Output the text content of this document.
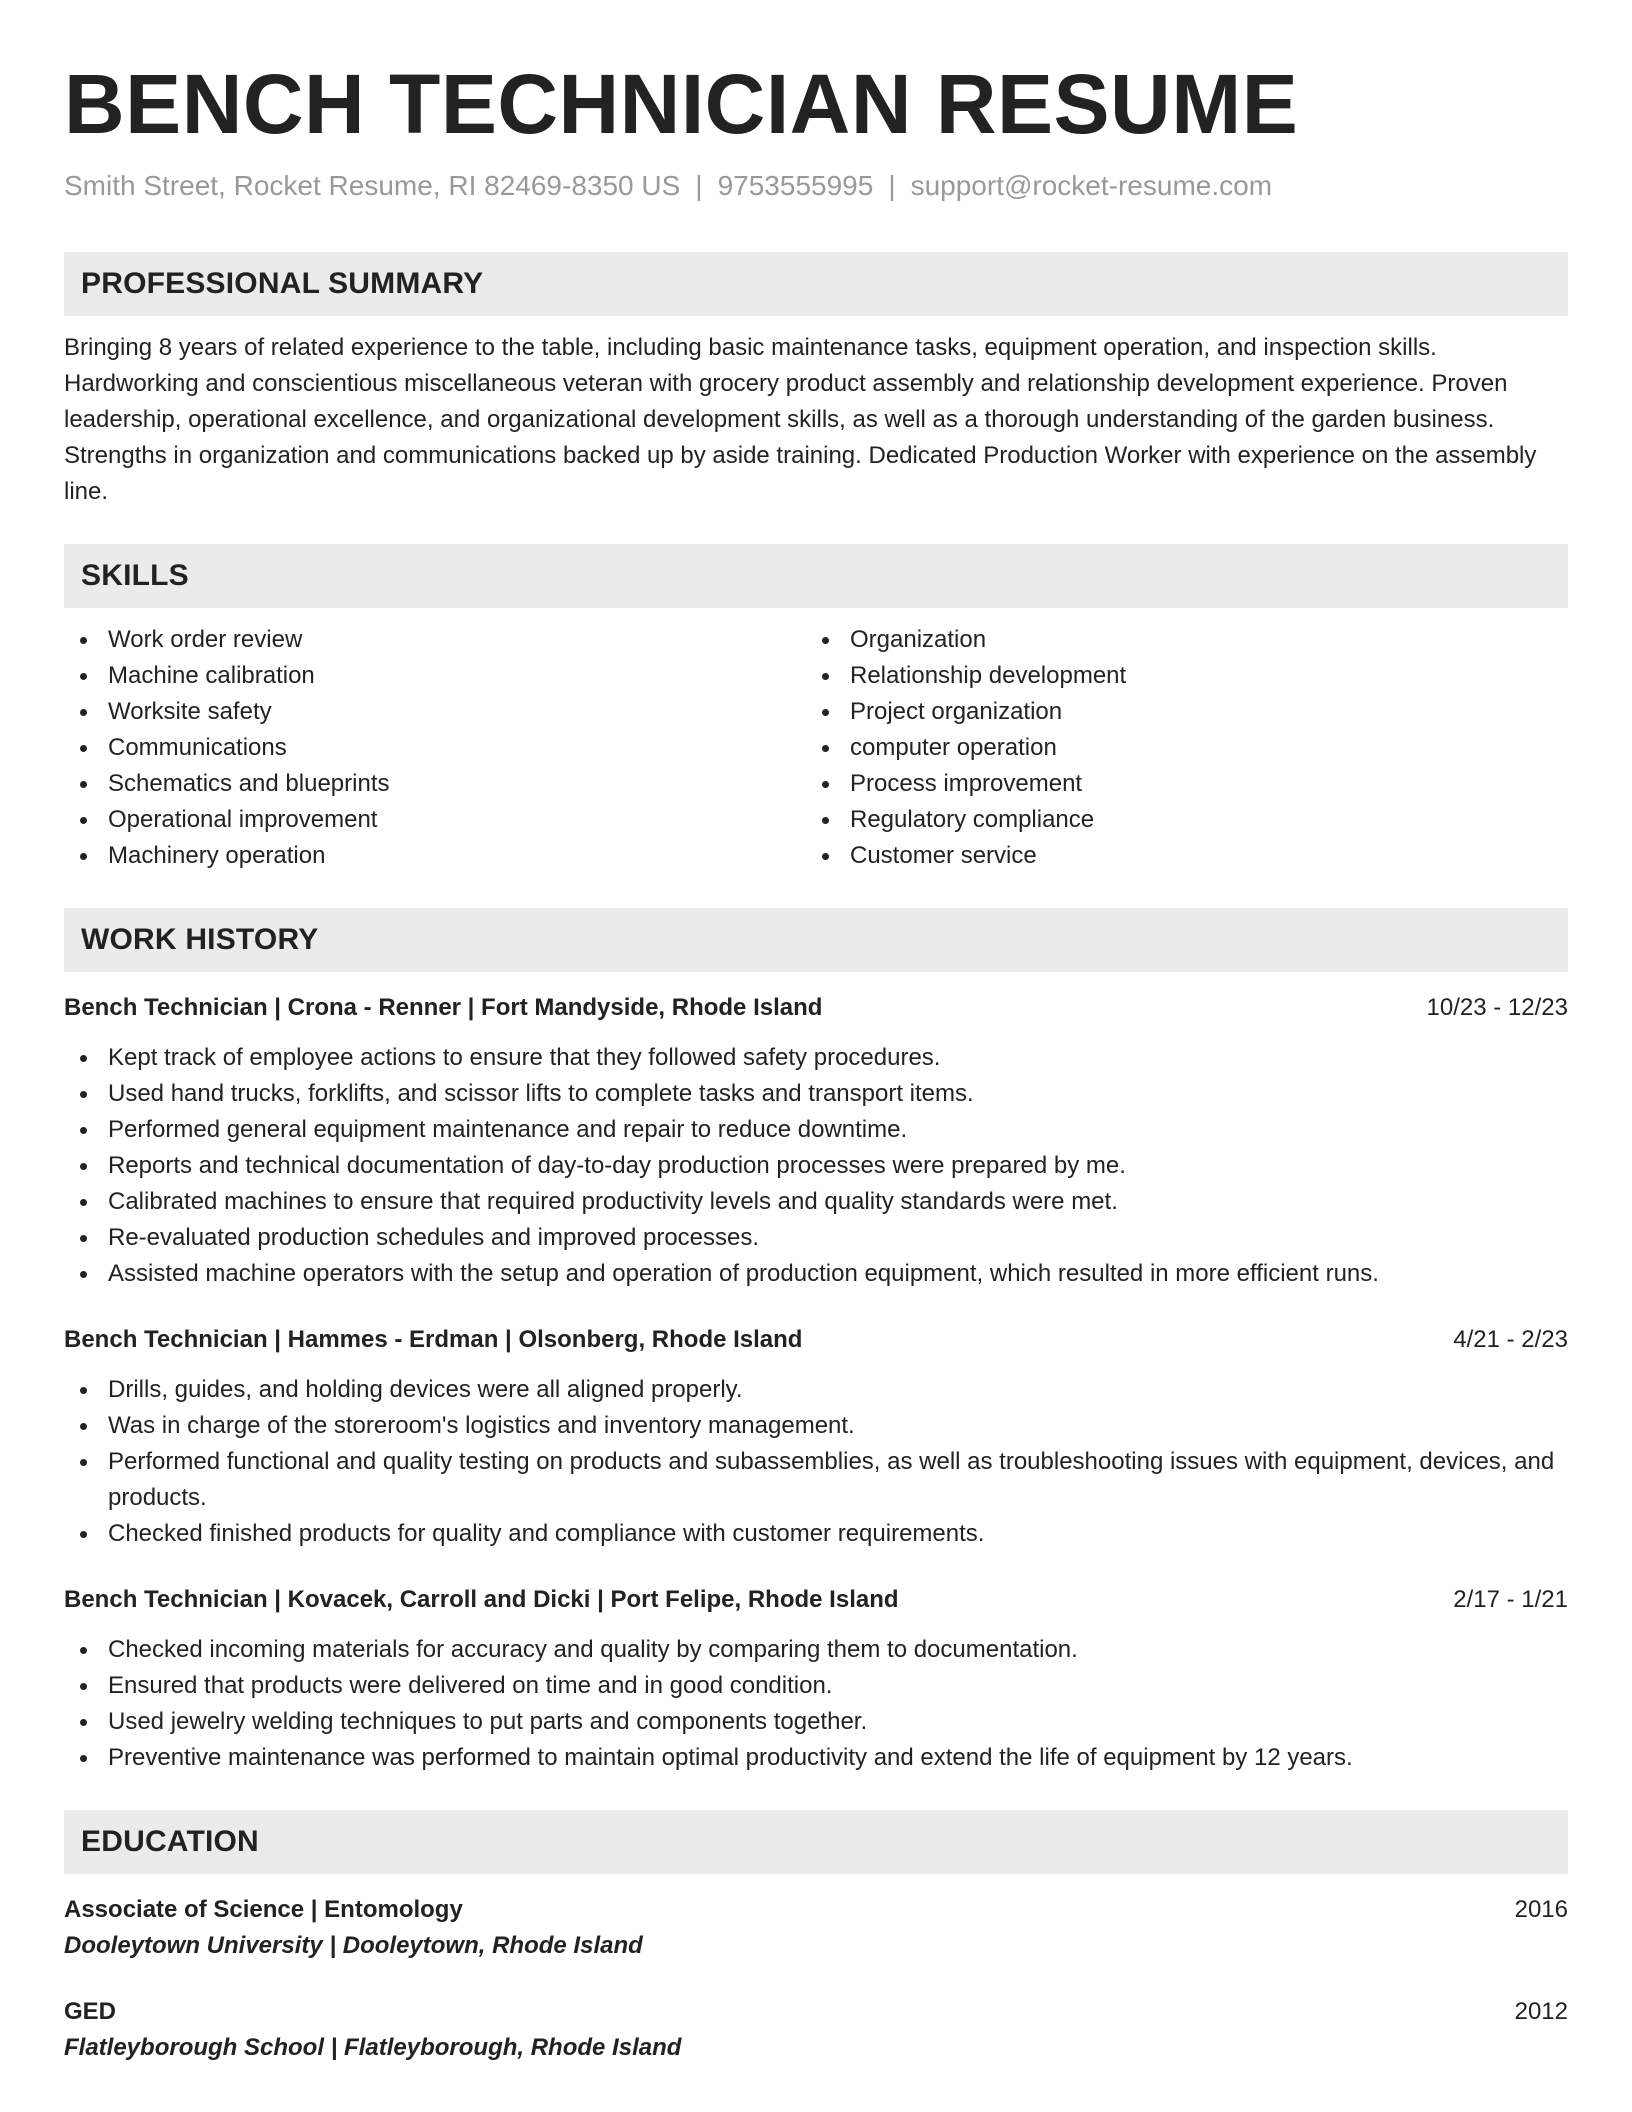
BENCH TECHNICIAN RESUME
Smith Street, Rocket Resume, RI 82469-8350 US | 9753555995 | support@rocket-resume.com
PROFESSIONAL SUMMARY
Bringing 8 years of related experience to the table, including basic maintenance tasks, equipment operation, and inspection skills. Hardworking and conscientious miscellaneous veteran with grocery product assembly and relationship development experience. Proven leadership, operational excellence, and organizational development skills, as well as a thorough understanding of the garden business. Strengths in organization and communications backed up by aside training. Dedicated Production Worker with experience on the assembly line.
SKILLS
Work order review
Machine calibration
Worksite safety
Communications
Schematics and blueprints
Operational improvement
Machinery operation
Organization
Relationship development
Project organization
computer operation
Process improvement
Regulatory compliance
Customer service
WORK HISTORY
Bench Technician | Crona - Renner | Fort Mandyside, Rhode Island	10/23 - 12/23
Kept track of employee actions to ensure that they followed safety procedures.
Used hand trucks, forklifts, and scissor lifts to complete tasks and transport items.
Performed general equipment maintenance and repair to reduce downtime.
Reports and technical documentation of day-to-day production processes were prepared by me.
Calibrated machines to ensure that required productivity levels and quality standards were met.
Re-evaluated production schedules and improved processes.
Assisted machine operators with the setup and operation of production equipment, which resulted in more efficient runs.
Bench Technician | Hammes - Erdman | Olsonberg, Rhode Island	4/21 - 2/23
Drills, guides, and holding devices were all aligned properly.
Was in charge of the storeroom's logistics and inventory management.
Performed functional and quality testing on products and subassemblies, as well as troubleshooting issues with equipment, devices, and products.
Checked finished products for quality and compliance with customer requirements.
Bench Technician | Kovacek, Carroll and Dicki | Port Felipe, Rhode Island	2/17 - 1/21
Checked incoming materials for accuracy and quality by comparing them to documentation.
Ensured that products were delivered on time and in good condition.
Used jewelry welding techniques to put parts and components together.
Preventive maintenance was performed to maintain optimal productivity and extend the life of equipment by 12 years.
EDUCATION
Associate of Science | Entomology	2016
Dooleytown University | Dooleytown, Rhode Island
GED	2012
Flatleyborough School | Flatleyborough, Rhode Island
